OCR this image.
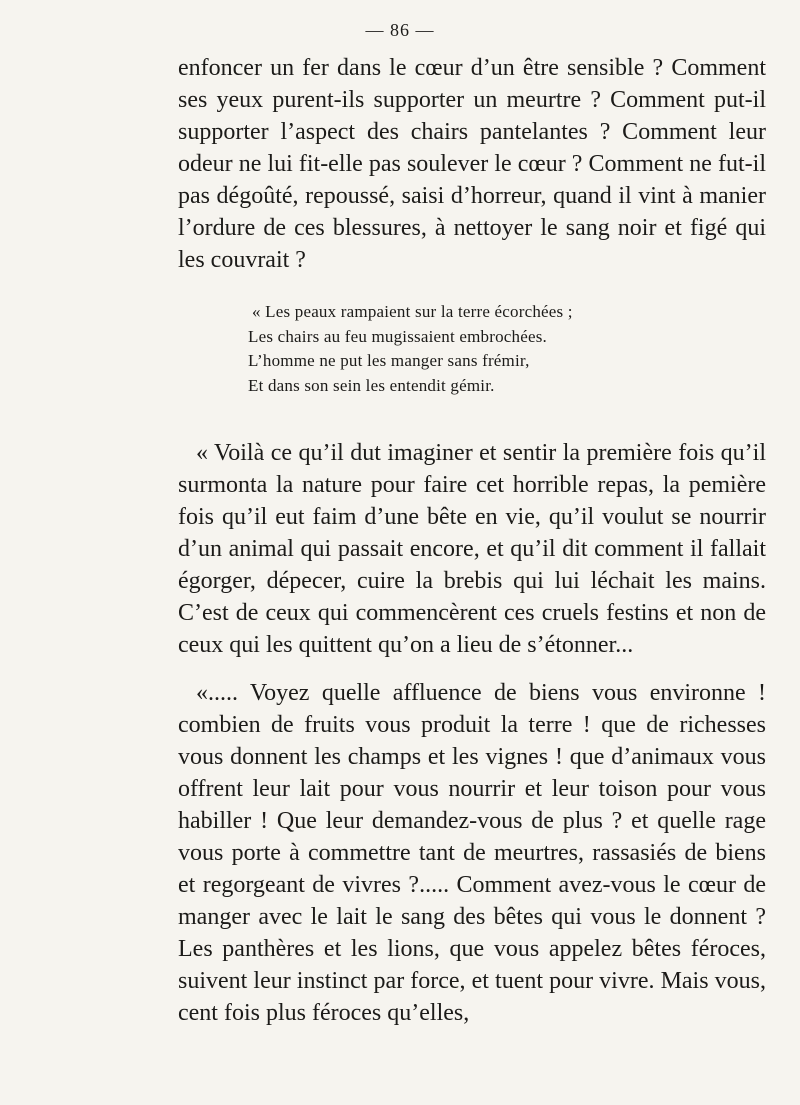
— 86 —

enfoncer un fer dans le cœur d’un être sensible ? Comment ses yeux purent-ils supporter un meurtre ? Comment put-il supporter l’aspect des chairs pantelantes ? Comment leur odeur ne lui fit-elle pas soulever le cœur ? Comment ne fut-il pas dégoûté, repoussé, saisi d’horreur, quand il vint à manier l’ordure de ces blessures, à nettoyer le sang noir et figé qui les couvrait ?

« Les peaux rampaient sur la terre écorchées ;
Les chairs au feu mugissaient embrochées.
L’homme ne put les manger sans frémir,
Et dans son sein les entendit gémir.

« Voilà ce qu’il dut imaginer et sentir la première fois qu’il surmonta la nature pour faire cet horrible repas, la pemière fois qu’il eut faim d’une bête en vie, qu’il voulut se nourrir d’un animal qui passait encore, et qu’il dit comment il fallait égorger, dépecer, cuire la brebis qui lui léchait les mains. C’est de ceux qui commencèrent ces cruels festins et non de ceux qui les quittent qu’on a lieu de s’étonner...

«..... Voyez quelle affluence de biens vous environne ! combien de fruits vous produit la terre ! que de richesses vous donnent les champs et les vignes ! que d’animaux vous offrent leur lait pour vous nourrir et leur toison pour vous habiller ! Que leur demandez-vous de plus ? et quelle rage vous porte à commettre tant de meurtres, rassasiés de biens et regorgeant de vivres ?..... Comment avez-vous le cœur de manger avec le lait le sang des bêtes qui vous le donnent ? Les panthères et les lions, que vous appelez bêtes féroces, suivent leur instinct par force, et tuent pour vivre. Mais vous, cent fois plus féroces qu’elles,
